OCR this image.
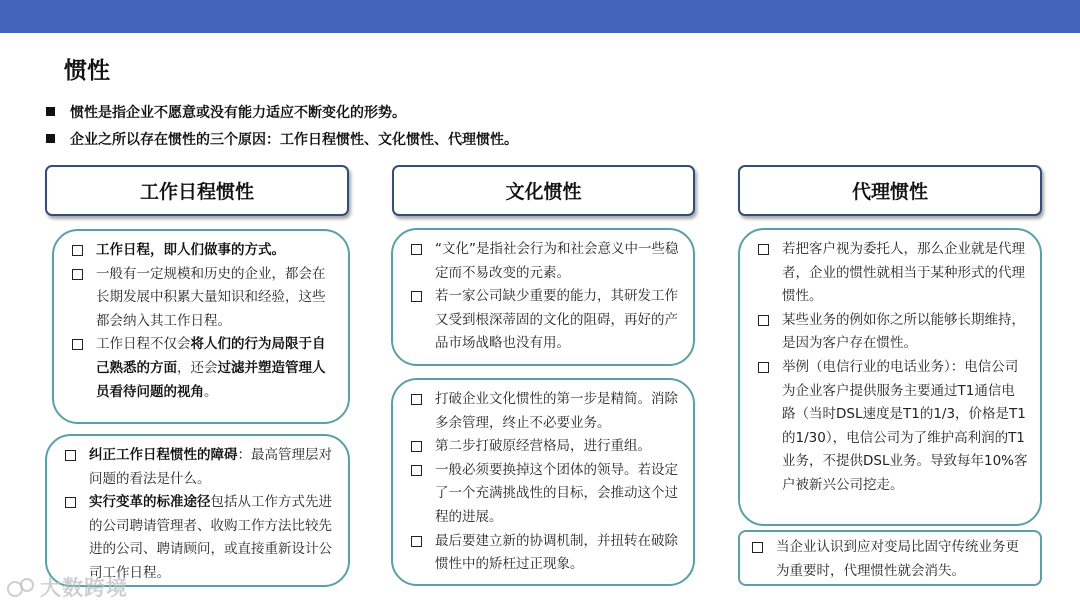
惯性
惯性是指企业不愿意或没有能力适应不断变化的形势。
企业之所以存在惯性的三个原因：工作日程惯性、文化惯性、代理惯性。
工作日程惯性	文化惯性	代理惯性
工作日程，即人们做事的方式。
一般有一定规模和历史的企业，都会在长期发展中积累大量知识和经验，这些都会纳入其工作日程。
工作日程不仅会将人们的行为局限于自己熟悉的方面，还会过滤并塑造管理人员看待问题的视角。
纠正工作日程惯性的障碍：最高管理层对问题的看法是什么。
实行变革的标准途径包括从工作方式先进的公司聘请管理者、收购工作方法比较先进的公司、聘请顾问，或直接重新设计公司工作日程。
“文化”是指社会行为和社会意义中一些稳定而不易改变的元素。
若一家公司缺少重要的能力，其研发工作又受到根深蒂固的文化的阻碍，再好的产品市场战略也没有用。
打破企业文化惯性的第一步是精简。消除多余管理，终止不必要业务。
第二步打破原经营格局，进行重组。
一般必须要换掉这个团体的领导。若设定了一个充满挑战性的目标，会推动这个过程的进展。
最后要建立新的协调机制，并扭转在破除惯性中的矫枉过正现象。
若把客户视为委托人，那么企业就是代理者，企业的惯性就相当于某种形式的代理惯性。
某些业务的例如你之所以能够长期维持，是因为客户存在惯性。
举例（电信行业的电话业务）：电信公司为企业客户提供服务主要通过T1通信电路（当时DSL速度是T1的1/3，价格是T1的1/30），电信公司为了维护高利润的T1业务，不提供DSL业务。导致每年10%客户被新兴公司挖走。
当企业认识到应对变局比固守传统业务更为重要时，代理惯性就会消失。
大数跨境
